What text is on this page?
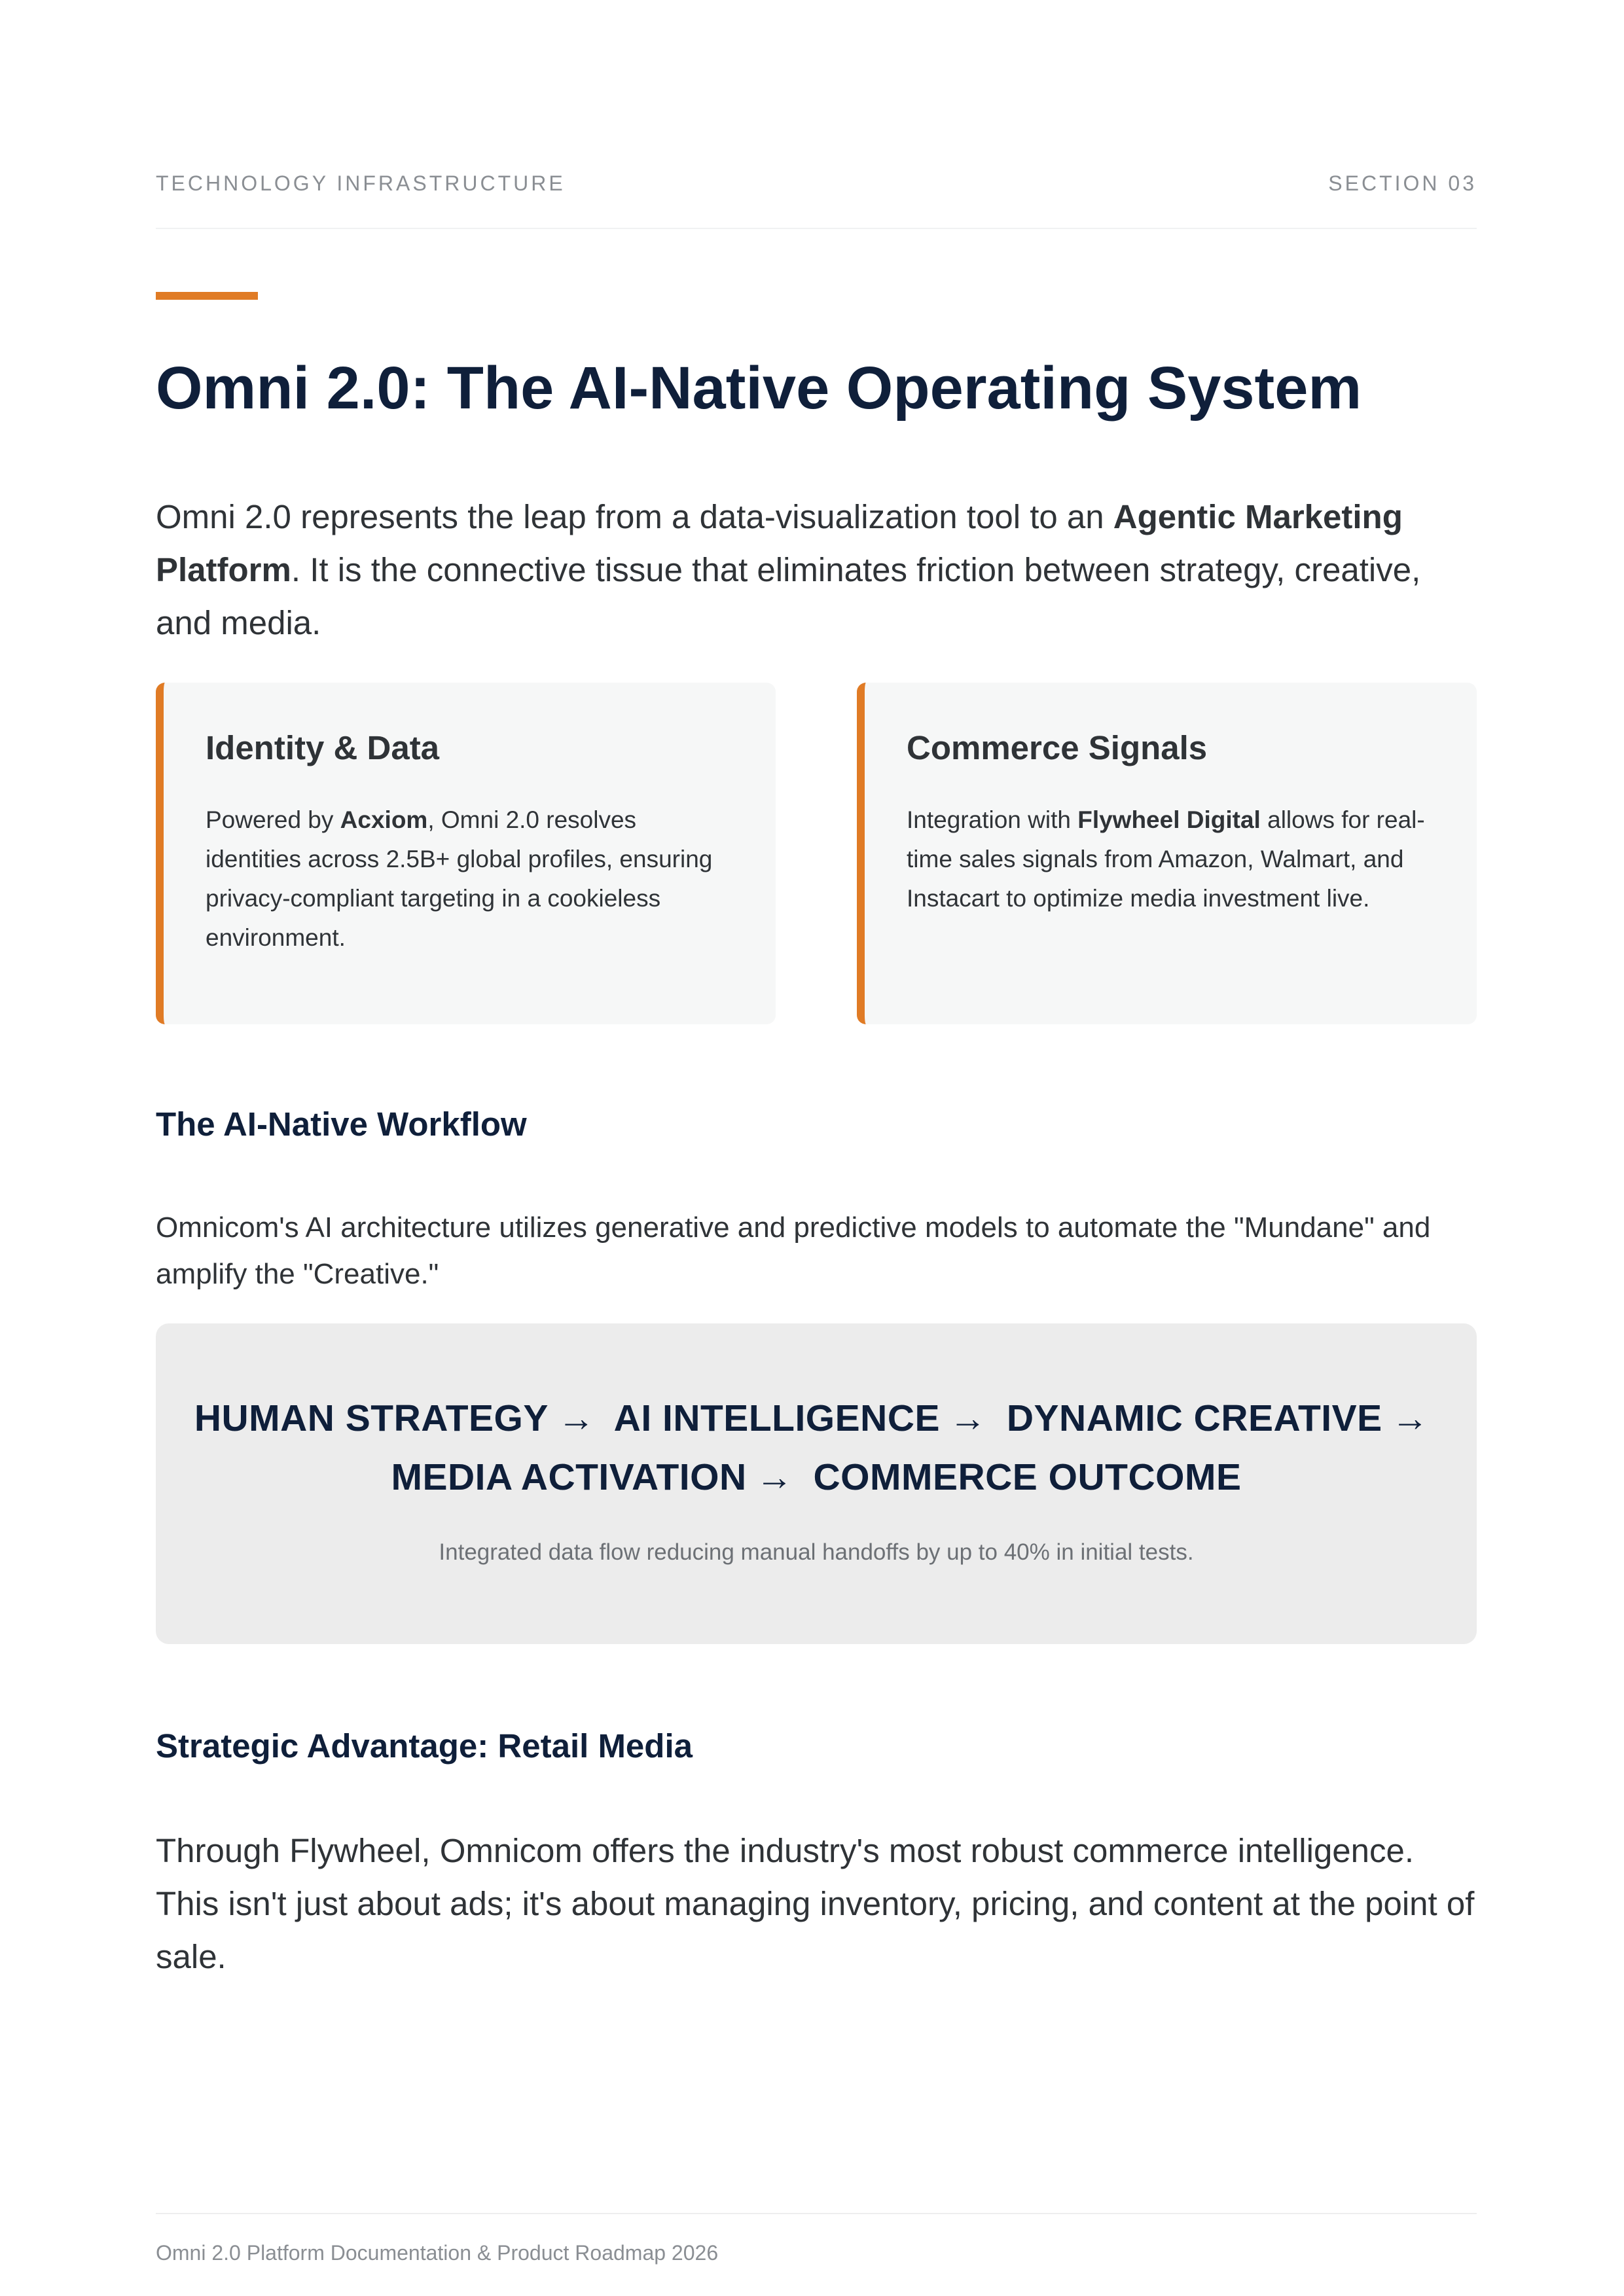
TECHNOLOGY INFRASTRUCTURE	SECTION 03
Omni 2.0: The AI-Native Operating System

Omni 2.0 represents the leap from a data-visualization tool to an Agentic Marketing Platform. It is the connective tissue that eliminates friction between strategy, creative, and media.

Identity & Data

Powered by Acxiom, Omni 2.0 resolves identities across 2.5B+ global profiles, ensuring privacy-compliant targeting in a cookieless environment.

Commerce Signals

Integration with Flywheel Digital allows for real-time sales signals from Amazon, Walmart, and Instacart to optimize media investment live.

The AI-Native Workflow

Omnicom's AI architecture utilizes generative and predictive models to automate the "Mundane" and amplify the "Creative."

HUMAN STRATEGY → AI INTELLIGENCE → DYNAMIC CREATIVE →
MEDIA ACTIVATION → COMMERCE OUTCOME
Integrated data flow reducing manual handoffs by up to 40% in initial tests.
Strategic Advantage: Retail Media

Through Flywheel, Omnicom offers the industry's most robust commerce intelligence. This isn't just about ads; it's about managing inventory, pricing, and content at the point of sale.

Omni 2.0 Platform Documentation & Product Roadmap 2026
